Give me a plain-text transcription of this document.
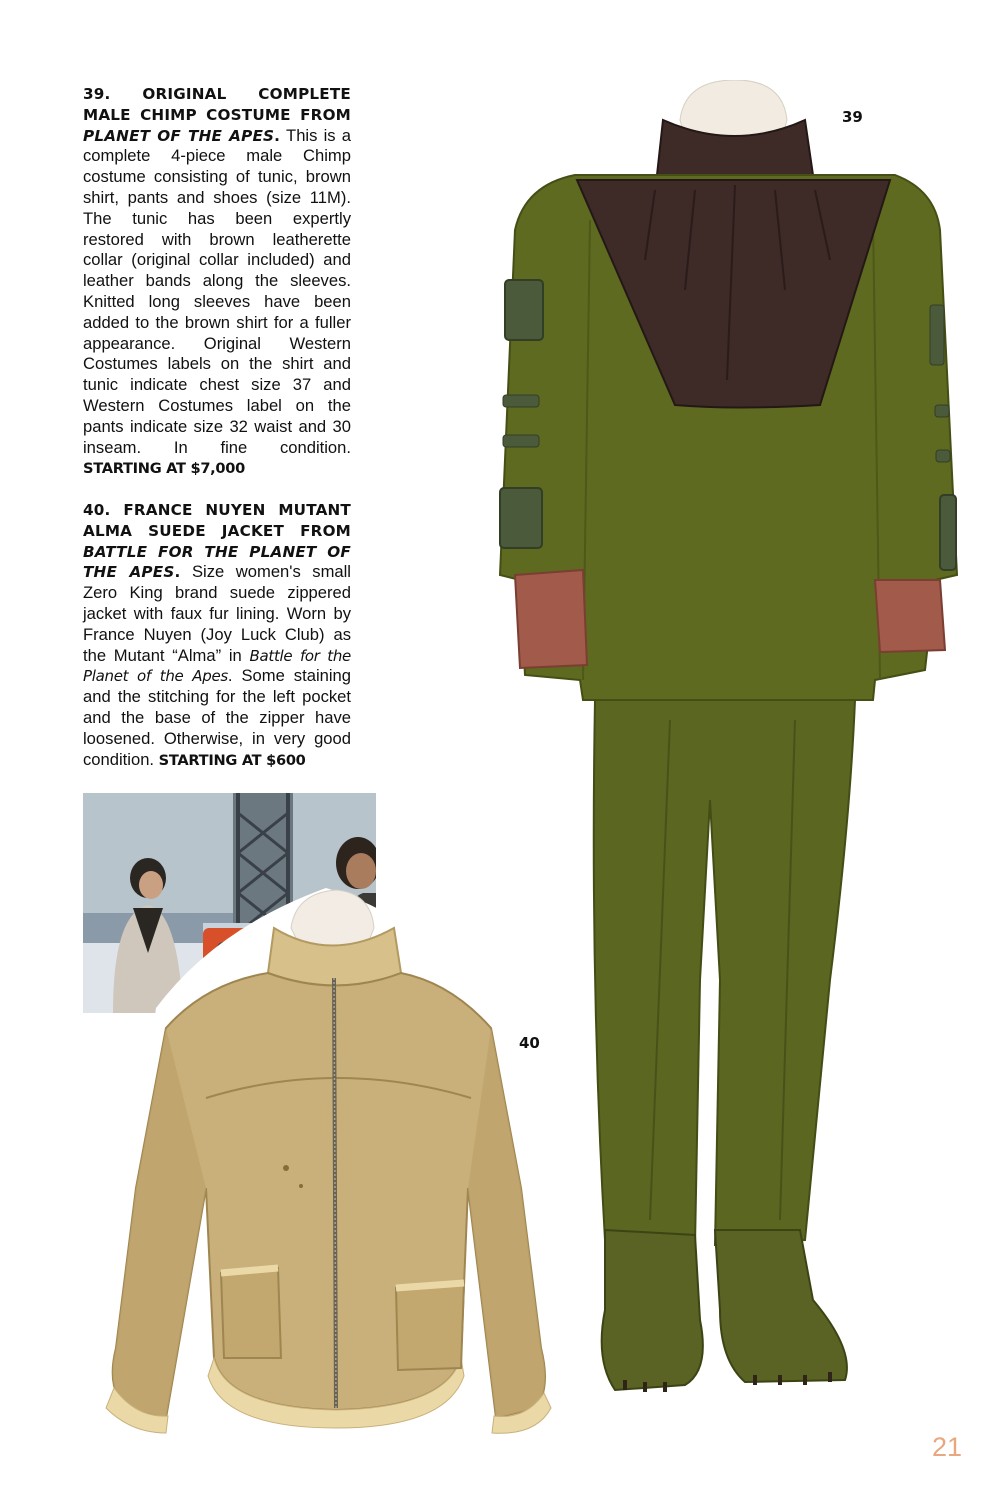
39. ORIGINAL COMPLETE MALE CHIMP COSTUME FROM PLANET OF THE APES. This is a complete 4-piece male Chimp costume consisting of tunic, brown shirt, pants and shoes (size 11M). The tunic has been expertly restored with brown leatherette collar (original collar included) and leather bands along the sleeves. Knitted long sleeves have been added to the brown shirt for a fuller appearance. Original Western Costumes labels on the shirt and tunic indicate chest size 37 and Western Costumes label on the pants indicate size 32 waist and 30 inseam. In fine condition. STARTING AT $7,000
40. FRANCE NUYEN MUTANT ALMA SUEDE JACKET FROM BATTLE FOR THE PLANET OF THE APES. Size women's small Zero King brand suede zippered jacket with faux fur lining. Worn by France Nuyen (Joy Luck Club) as the Mutant “Alma” in Battle for the Planet of the Apes. Some staining and the stitching for the left pocket and the base of the zipper have loosened. Otherwise, in very good condition. STARTING AT $600
39
40
21
